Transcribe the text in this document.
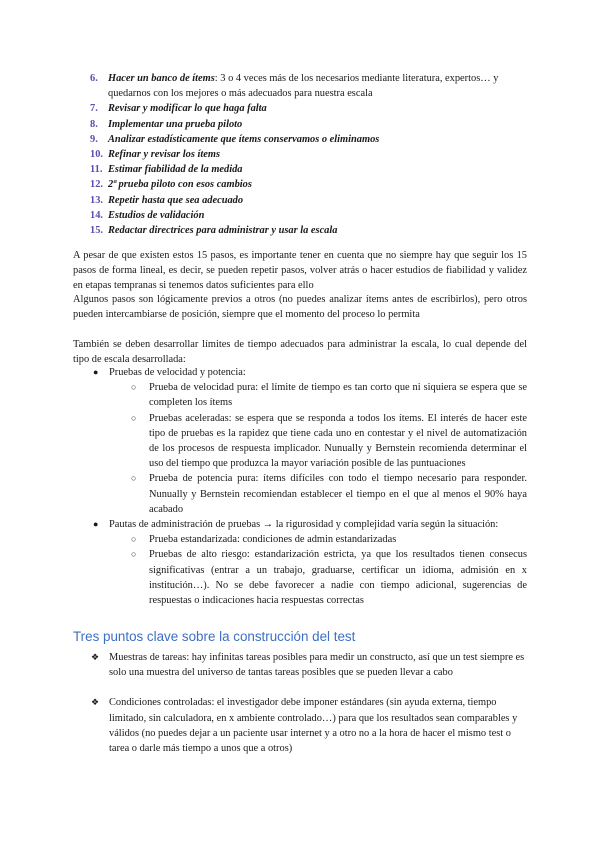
6. Hacer un banco de ítems: 3 o 4 veces más de los necesarios mediante literatura, expertos… y quedarnos con los mejores o más adecuados para nuestra escala
7. Revisar y modificar lo que haga falta
8. Implementar una prueba piloto
9. Analizar estadísticamente que ítems conservamos o eliminamos
10. Refinar y revisar los ítems
11. Estimar fiabilidad de la medida
12. 2ª prueba piloto con esos cambios
13. Repetir hasta que sea adecuado
14. Estudios de validación
15. Redactar directrices para administrar y usar la escala

A pesar de que existen estos 15 pasos, es importante tener en cuenta que no siempre hay que seguir los 15 pasos de forma lineal, es decir, se pueden repetir pasos, volver atrás o hacer estudios de fiabilidad y validez en etapas tempranas si tenemos datos suficientes para ello

Algunos pasos son lógicamente previos a otros (no puedes analizar ítems antes de escribirlos), pero otros pueden intercambiarse de posición, siempre que el momento del proceso lo permita

También se deben desarrollar límites de tiempo adecuados para administrar la escala, lo cual depende del tipo de escala desarrollada:

● Pruebas de velocidad y potencia:
○ Prueba de velocidad pura: el límite de tiempo es tan corto que ni siquiera se espera que se completen los ítems
○ Pruebas aceleradas: se espera que se responda a todos los ítems. El interés de hacer este tipo de pruebas es la rapidez que tiene cada uno en contestar y el nivel de automatización de los procesos de respuesta implicador. Nunually y Bernstein recomienda determinar el uso del tiempo que produzca la mayor variación posible de las puntuaciones
○ Prueba de potencia pura: ítems difíciles con todo el tiempo necesario para responder. Nunually y Bernstein recomiendan establecer el tiempo en el que al menos el 90% haya acabado
● Pautas de administración de pruebas → la rigurosidad y complejidad varía según la situación:
○ Prueba estandarizada: condiciones de admin estandarizadas
○ Pruebas de alto riesgo: estandarización estricta, ya que los resultados tienen consecus significativas (entrar a un trabajo, graduarse, certificar un idioma, admisión en x institución…). No se debe favorecer a nadie con tiempo adicional, sugerencias de respuestas o indicaciones hacia respuestas correctas
Tres puntos clave sobre la construcción del test
❖ Muestras de tareas: hay infinitas tareas posibles para medir un constructo, así que un test siempre es solo una muestra del universo de tantas tareas posibles que se pueden llevar a cabo
❖ Condiciones controladas: el investigador debe imponer estándares (sin ayuda externa, tiempo limitado, sin calculadora, en x ambiente controlado…) para que los resultados sean comparables y válidos (no puedes dejar a un paciente usar internet y a otro no a la hora de hacer el mismo test o tarea o darle más tiempo a unos que a otros)
